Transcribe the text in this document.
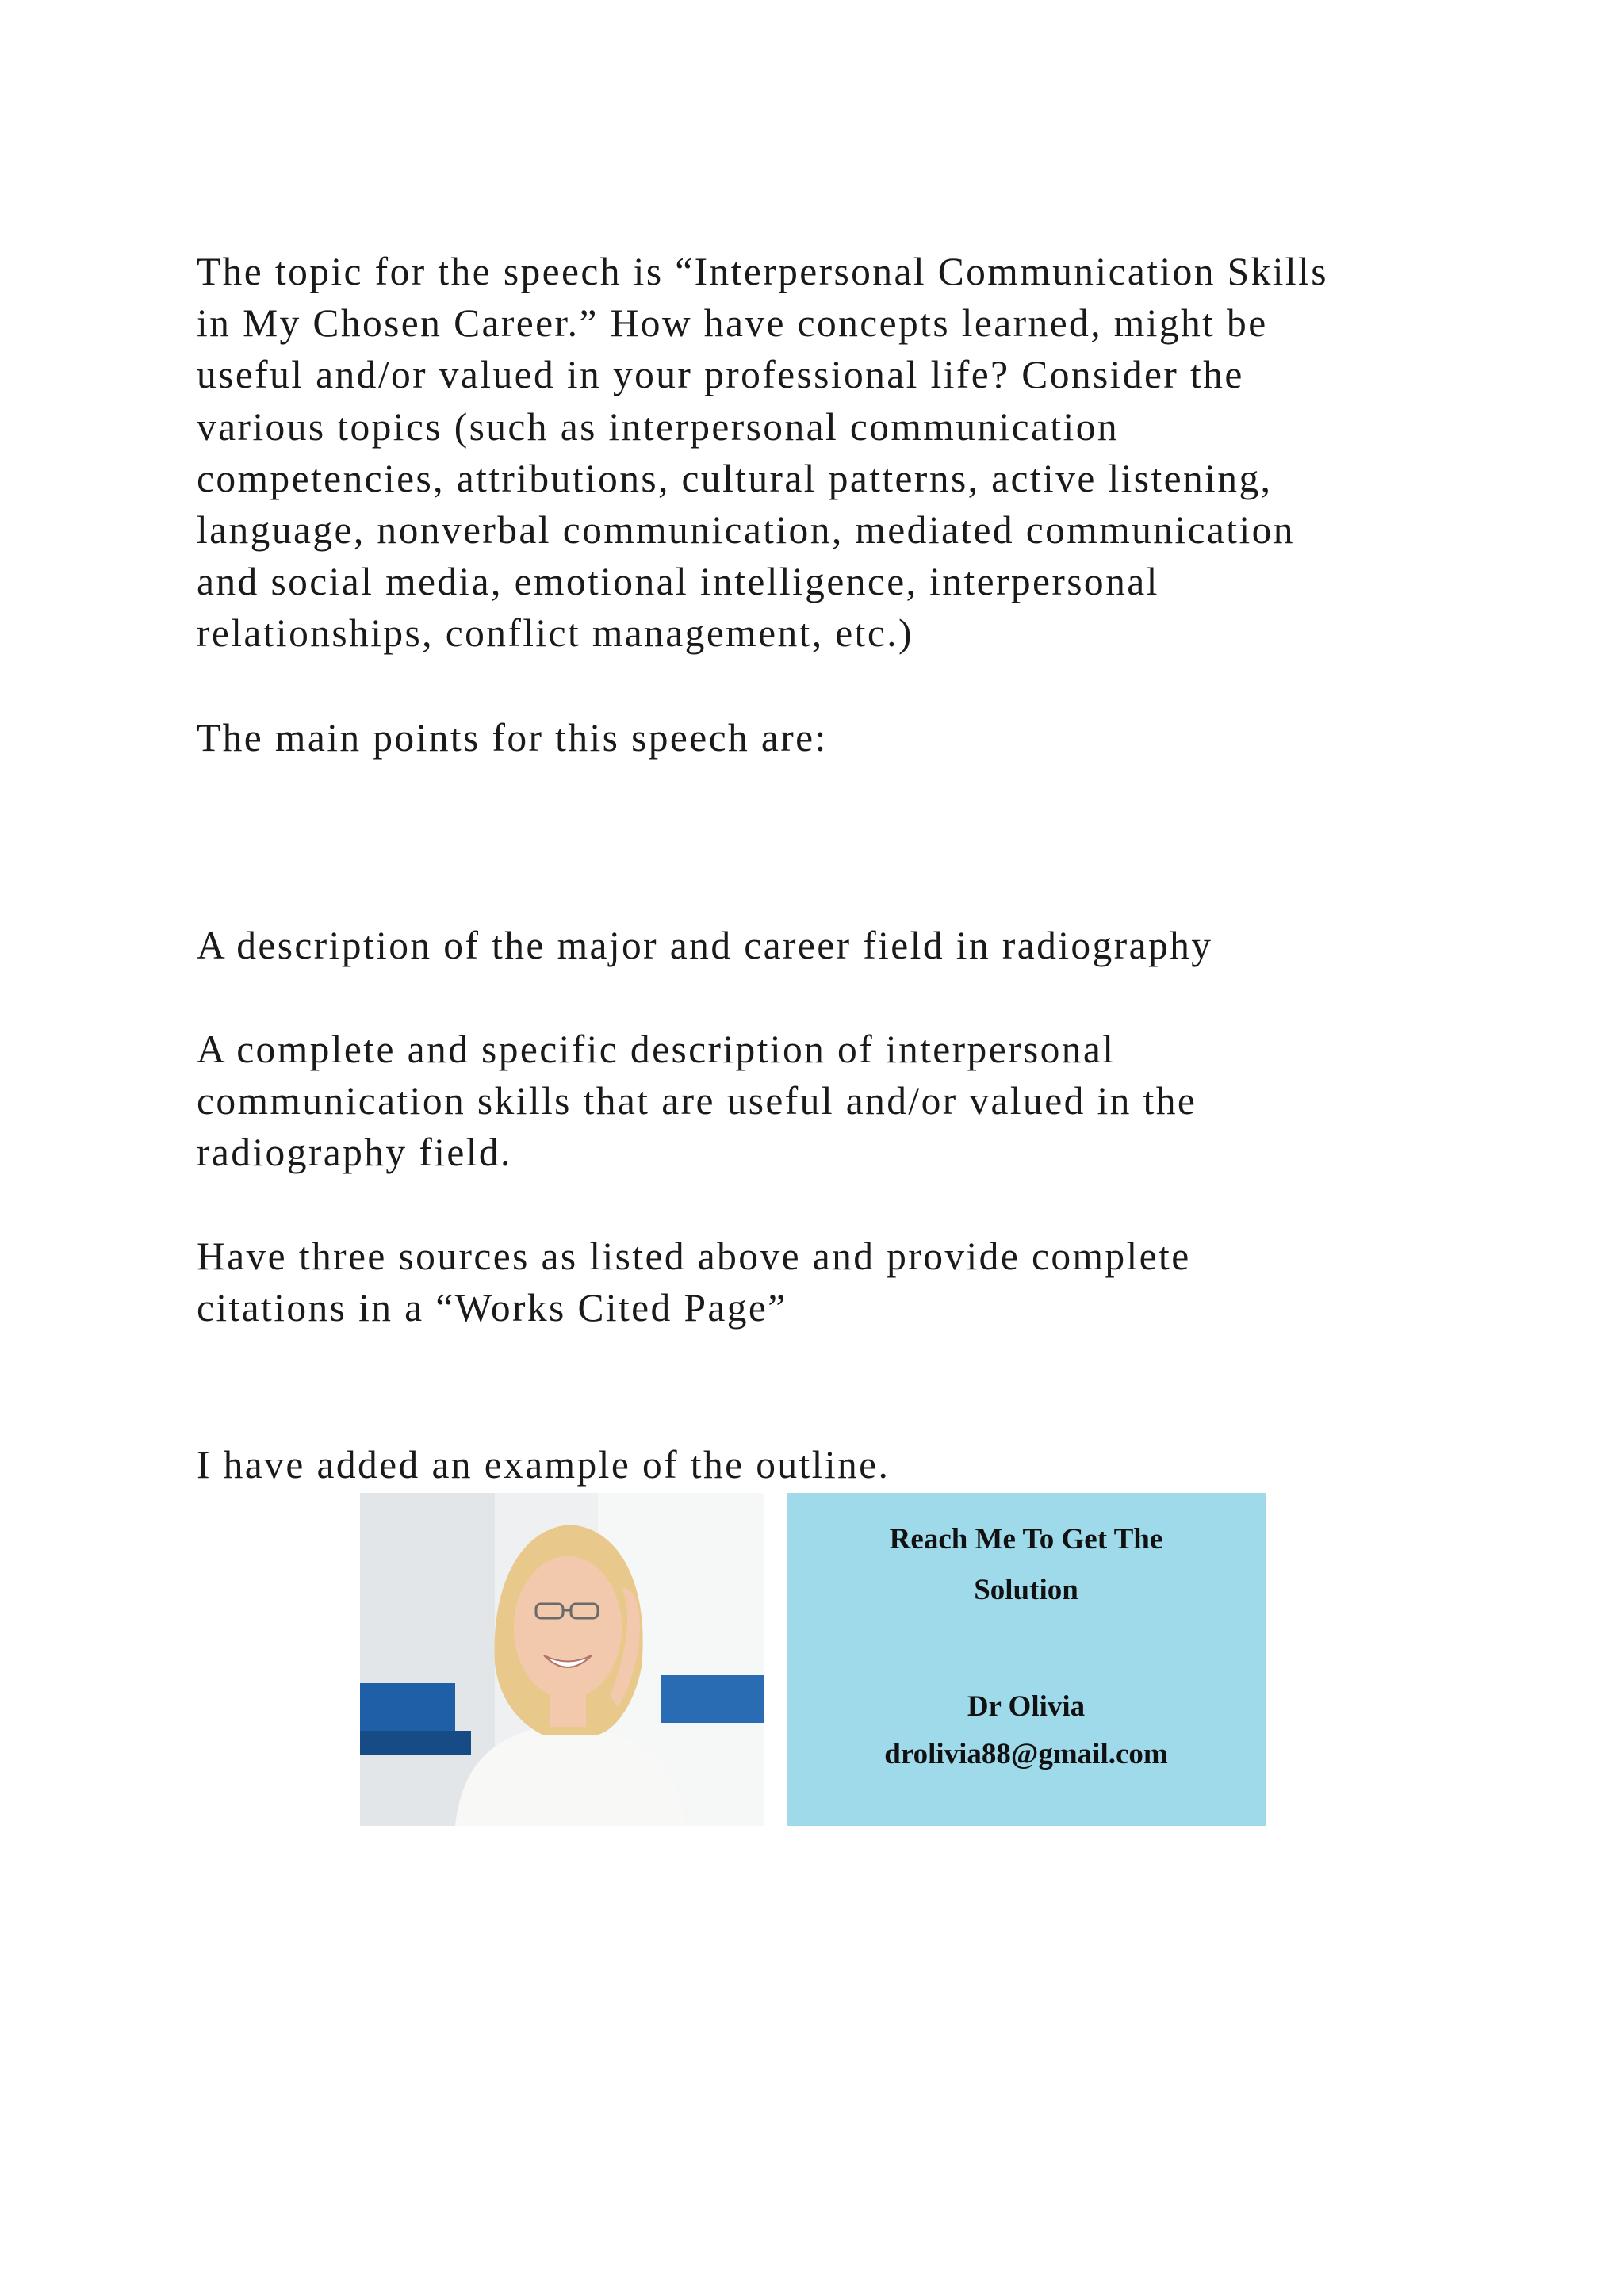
The topic for the speech is “Interpersonal Communication Skills
in My Chosen Career.” How have concepts learned, might be
useful and/or valued in your professional life? Consider the
various topics (such as interpersonal communication
competencies, attributions, cultural patterns, active listening,
language, nonverbal communication, mediated communication
and social media, emotional intelligence, interpersonal
relationships, conflict management, etc.)

The main points for this speech are:

A description of the major and career field in radiography

A complete and specific description of interpersonal
communication skills that are useful and/or valued in the
radiography field.

Have three sources as listed above and provide complete
citations in a “Works Cited Page”

I have added an example of the outline.

Reach Me To Get The
Solution
Dr Olivia
drolivia88@gmail.com
